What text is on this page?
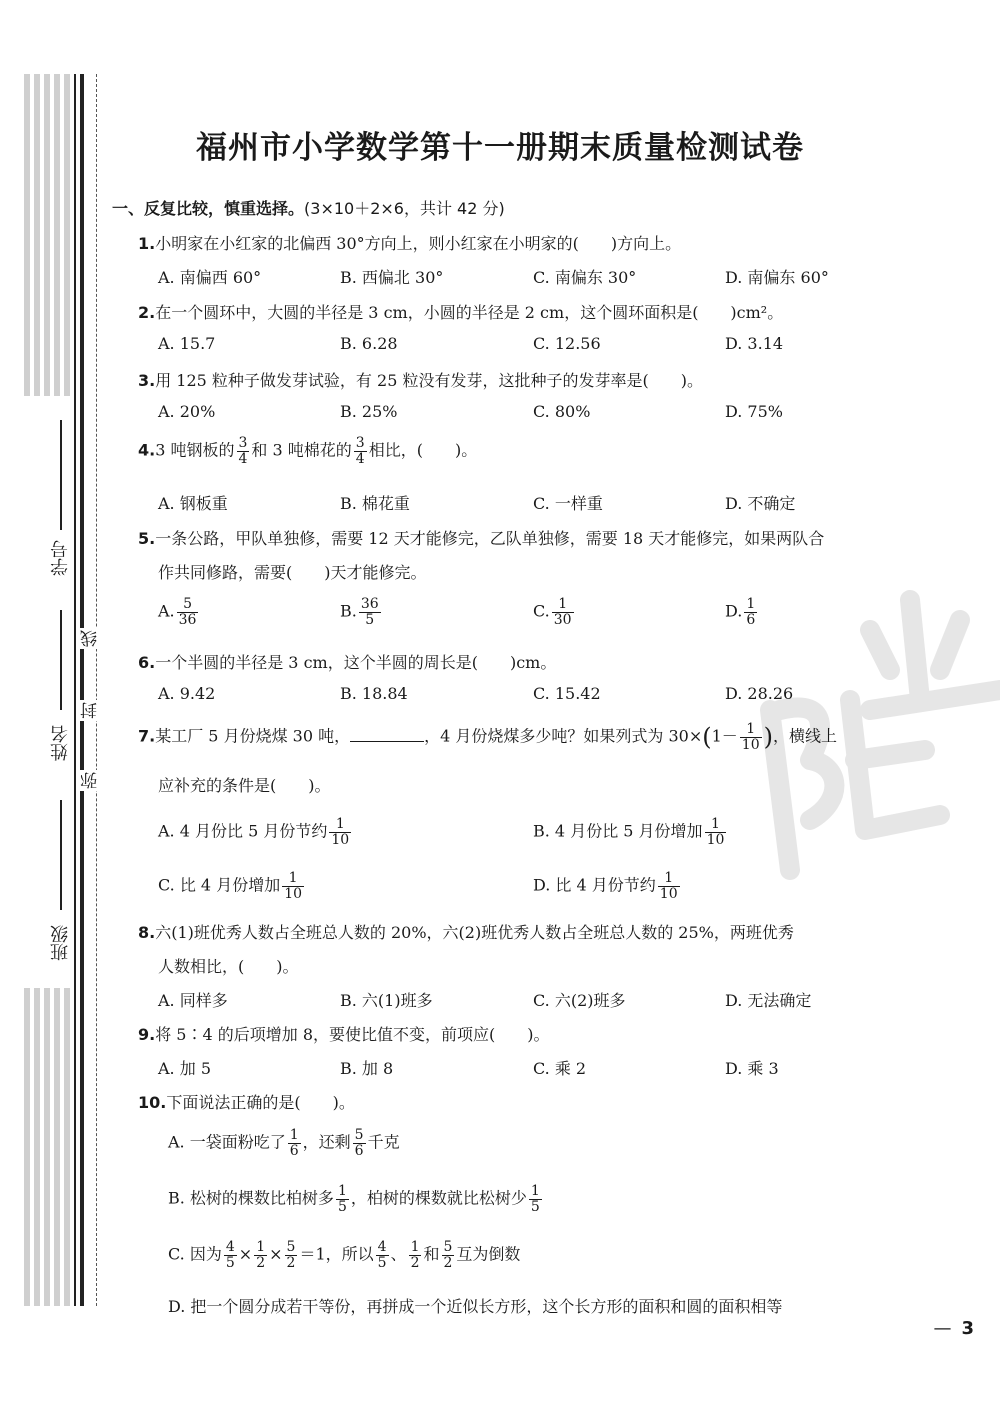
学号
姓名
班级
线
封
弥
福州市小学数学第十一册期末质量检测试卷
一、反复比较，慎重选择。(3×10＋2×6，共计 42 分)
1.小明家在小红家的北偏西 30°方向上，则小红家在小明家的(　　)方向上。
A. 南偏西 60°	B. 西偏北 30°	C. 南偏东 30°	D. 南偏东 60°
2.在一个圆环中，大圆的半径是 3 cm，小圆的半径是 2 cm，这个圆环面积是(　　)cm²。
A. 15.7	B. 6.28	C. 12.56	D. 3.14
3.用 125 粒种子做发芽试验，有 25 粒没有发芽，这批种子的发芽率是(　　)。
A. 20%	B. 25%	C. 80%	D. 75%
4.3 吨钢板的 $\frac{3}{4}$ 和 3 吨棉花的 $\frac{3}{4}$ 相比，(　　)。
A. 钢板重	B. 棉花重	C. 一样重	D. 不确定
5.一条公路，甲队单独修，需要 12 天才能修完，乙队单独修，需要 18 天才能修完，如果两队合
作共同修路，需要(　　)天才能修完。
A. $\frac{5}{36}$	B. $\frac{36}{5}$	C. $\frac{1}{30}$	D. $\frac{1}{6}$
6.一个半圆的半径是 3 cm，这个半圆的周长是(　　)cm。
A. 9.42	B. 18.84	C. 15.42	D. 28.26
7.某工厂 5 月份烧煤 30 吨，	，4 月份烧煤多少吨？如果列式为 $30\times(1- \frac{1}{10}$ )，横线上
应补充的条件是(　　)。
A. 4 月份比 5 月份节约 $\frac{1}{10}$	B. 4 月份比 5 月份增加 $\frac{1}{10}$
C. 比 4 月份增加 $\frac{1}{10}$	D. 比 4 月份节约 $\frac{1}{10}$
8.六(1)班优秀人数占全班总人数的 20%，六(2)班优秀人数占全班总人数的 25%，两班优秀
人数相比，(　　)。
A. 同样多	B. 六(1)班多	C. 六(2)班多	D. 无法确定
9.将 5∶4 的后项增加 8，要使比值不变，前项应(　　)。
A. 加 5	B. 加 8	C. 乘 2	D. 乘 3
10.下面说法正确的是(　　)。
A. 一袋面粉吃了 $\frac{1}{6}$ ，还剩 $\frac{5}{6}$ 千克
B. 松树的棵数比柏树多 $\frac{1}{5}$ ，柏树的棵数就比松树少 $\frac{1}{5}$
C. 因为 $\frac{4}{5} \times \frac{1}{2} \times \frac{5}{2} =1$，所以 $\frac{4}{5}$ 、 $\frac{1}{2}$ 和 $\frac{5}{2}$ 互为倒数
D. 把一个圆分成若干等份，再拼成一个近似长方形，这个长方形的面积和圆的面积相等
— 3
